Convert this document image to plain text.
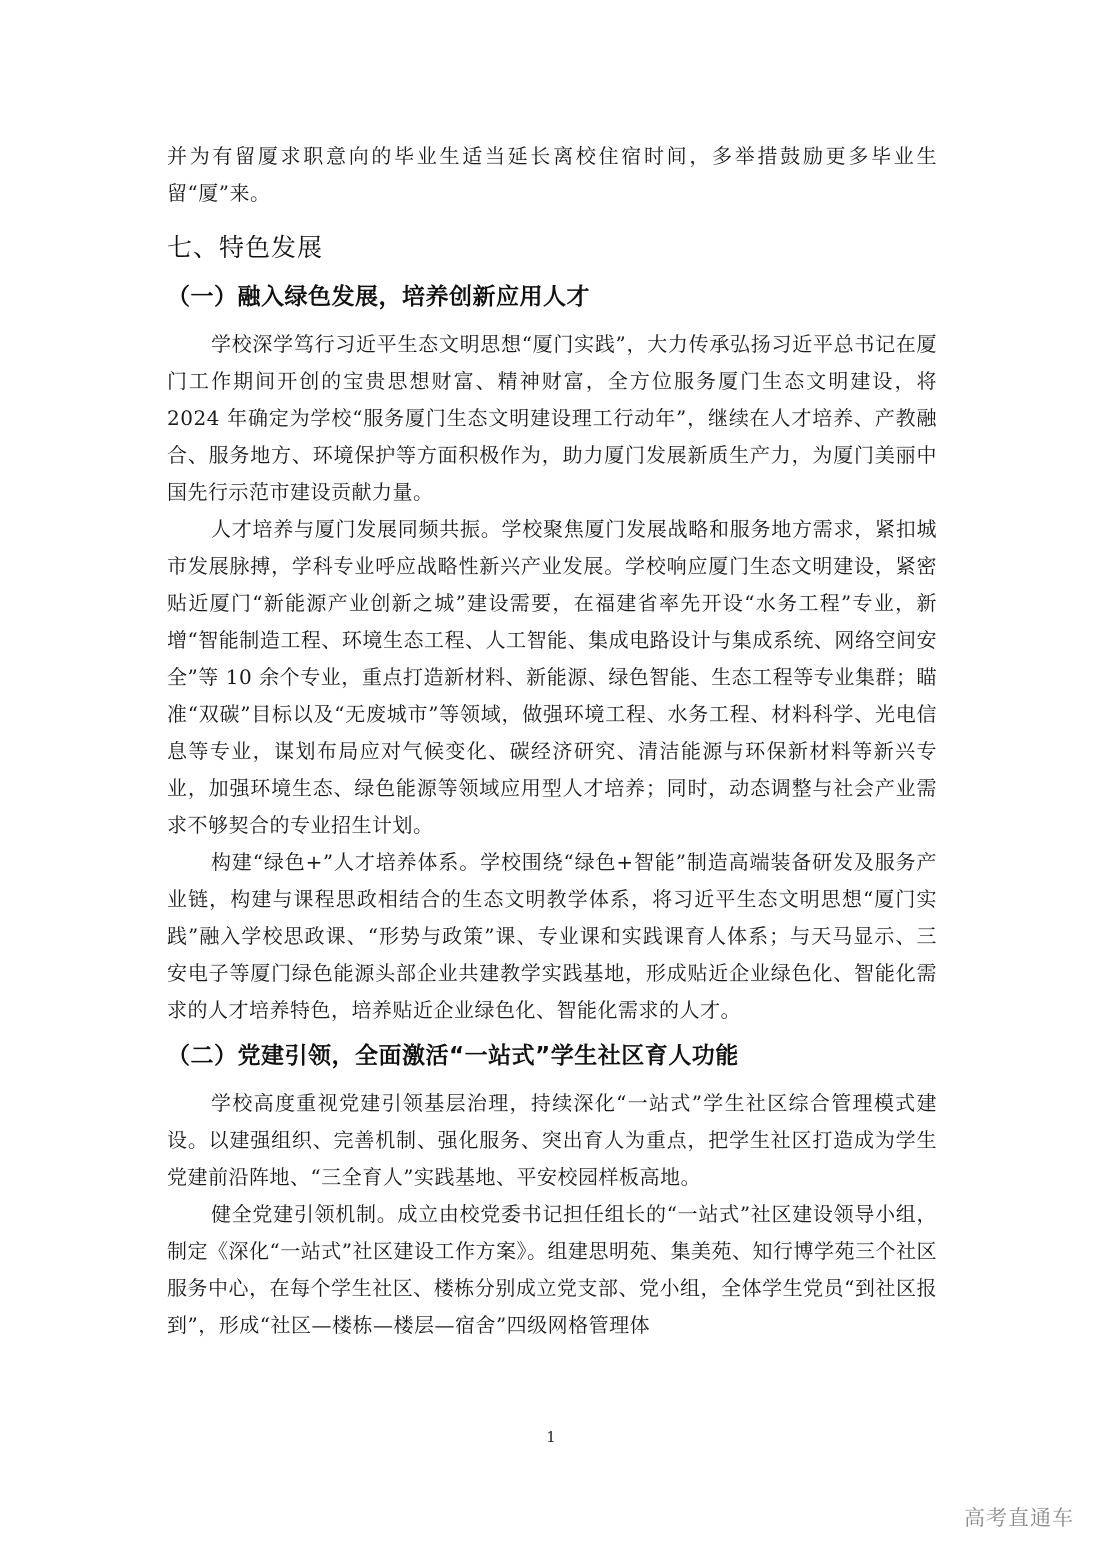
并为有留厦求职意向的毕业生适当延长离校住宿时间，多举措鼓励更多毕业生留“厦”来。

七、特色发展
（一）融入绿色发展，培养创新应用人才

学校深学笃行习近平生态文明思想“厦门实践”，大力传承弘扬习近平总书记在厦门工作期间开创的宝贵思想财富、精神财富，全方位服务厦门生态文明建设，将 2024 年确定为学校“服务厦门生态文明建设理工行动年”，继续在人才培养、产教融合、服务地方、环境保护等方面积极作为，助力厦门发展新质生产力，为厦门美丽中国先行示范市建设贡献力量。

人才培养与厦门发展同频共振。学校聚焦厦门发展战略和服务地方需求，紧扣城市发展脉搏，学科专业呼应战略性新兴产业发展。学校响应厦门生态文明建设，紧密贴近厦门“新能源产业创新之城”建设需要，在福建省率先开设“水务工程”专业，新增“智能制造工程、环境生态工程、人工智能、集成电路设计与集成系统、网络空间安全”等 10 余个专业，重点打造新材料、新能源、绿色智能、生态工程等专业集群；瞄准“双碳”目标以及“无废城市”等领域，做强环境工程、水务工程、材料科学、光电信息等专业，谋划布局应对气候变化、碳经济研究、清洁能源与环保新材料等新兴专业，加强环境生态、绿色能源等领域应用型人才培养；同时，动态调整与社会产业需求不够契合的专业招生计划。

构建“绿色+”人才培养体系。学校围绕“绿色+智能”制造高端装备研发及服务产业链，构建与课程思政相结合的生态文明教学体系，将习近平生态文明思想“厦门实践”融入学校思政课、“形势与政策”课、专业课和实践课育人体系；与天马显示、三安电子等厦门绿色能源头部企业共建教学实践基地，形成贴近企业绿色化、智能化需求的人才培养特色，培养贴近企业绿色化、智能化需求的人才。

（二）党建引领，全面激活“一站式”学生社区育人功能

学校高度重视党建引领基层治理，持续深化“一站式”学生社区综合管理模式建设。以建强组织、完善机制、强化服务、突出育人为重点，把学生社区打造成为学生党建前沿阵地、“三全育人”实践基地、平安校园样板高地。

健全党建引领机制。成立由校党委书记担任组长的“一站式”社区建设领导小组，制定《深化“一站式”社区建设工作方案》。组建思明苑、集美苑、知行博学苑三个社区服务中心，在每个学生社区、楼栋分别成立党支部、党小组，全体学生党员“到社区报到”，形成“社区—楼栋—楼层—宿舍”四级网格管理体

1
高考直通车
